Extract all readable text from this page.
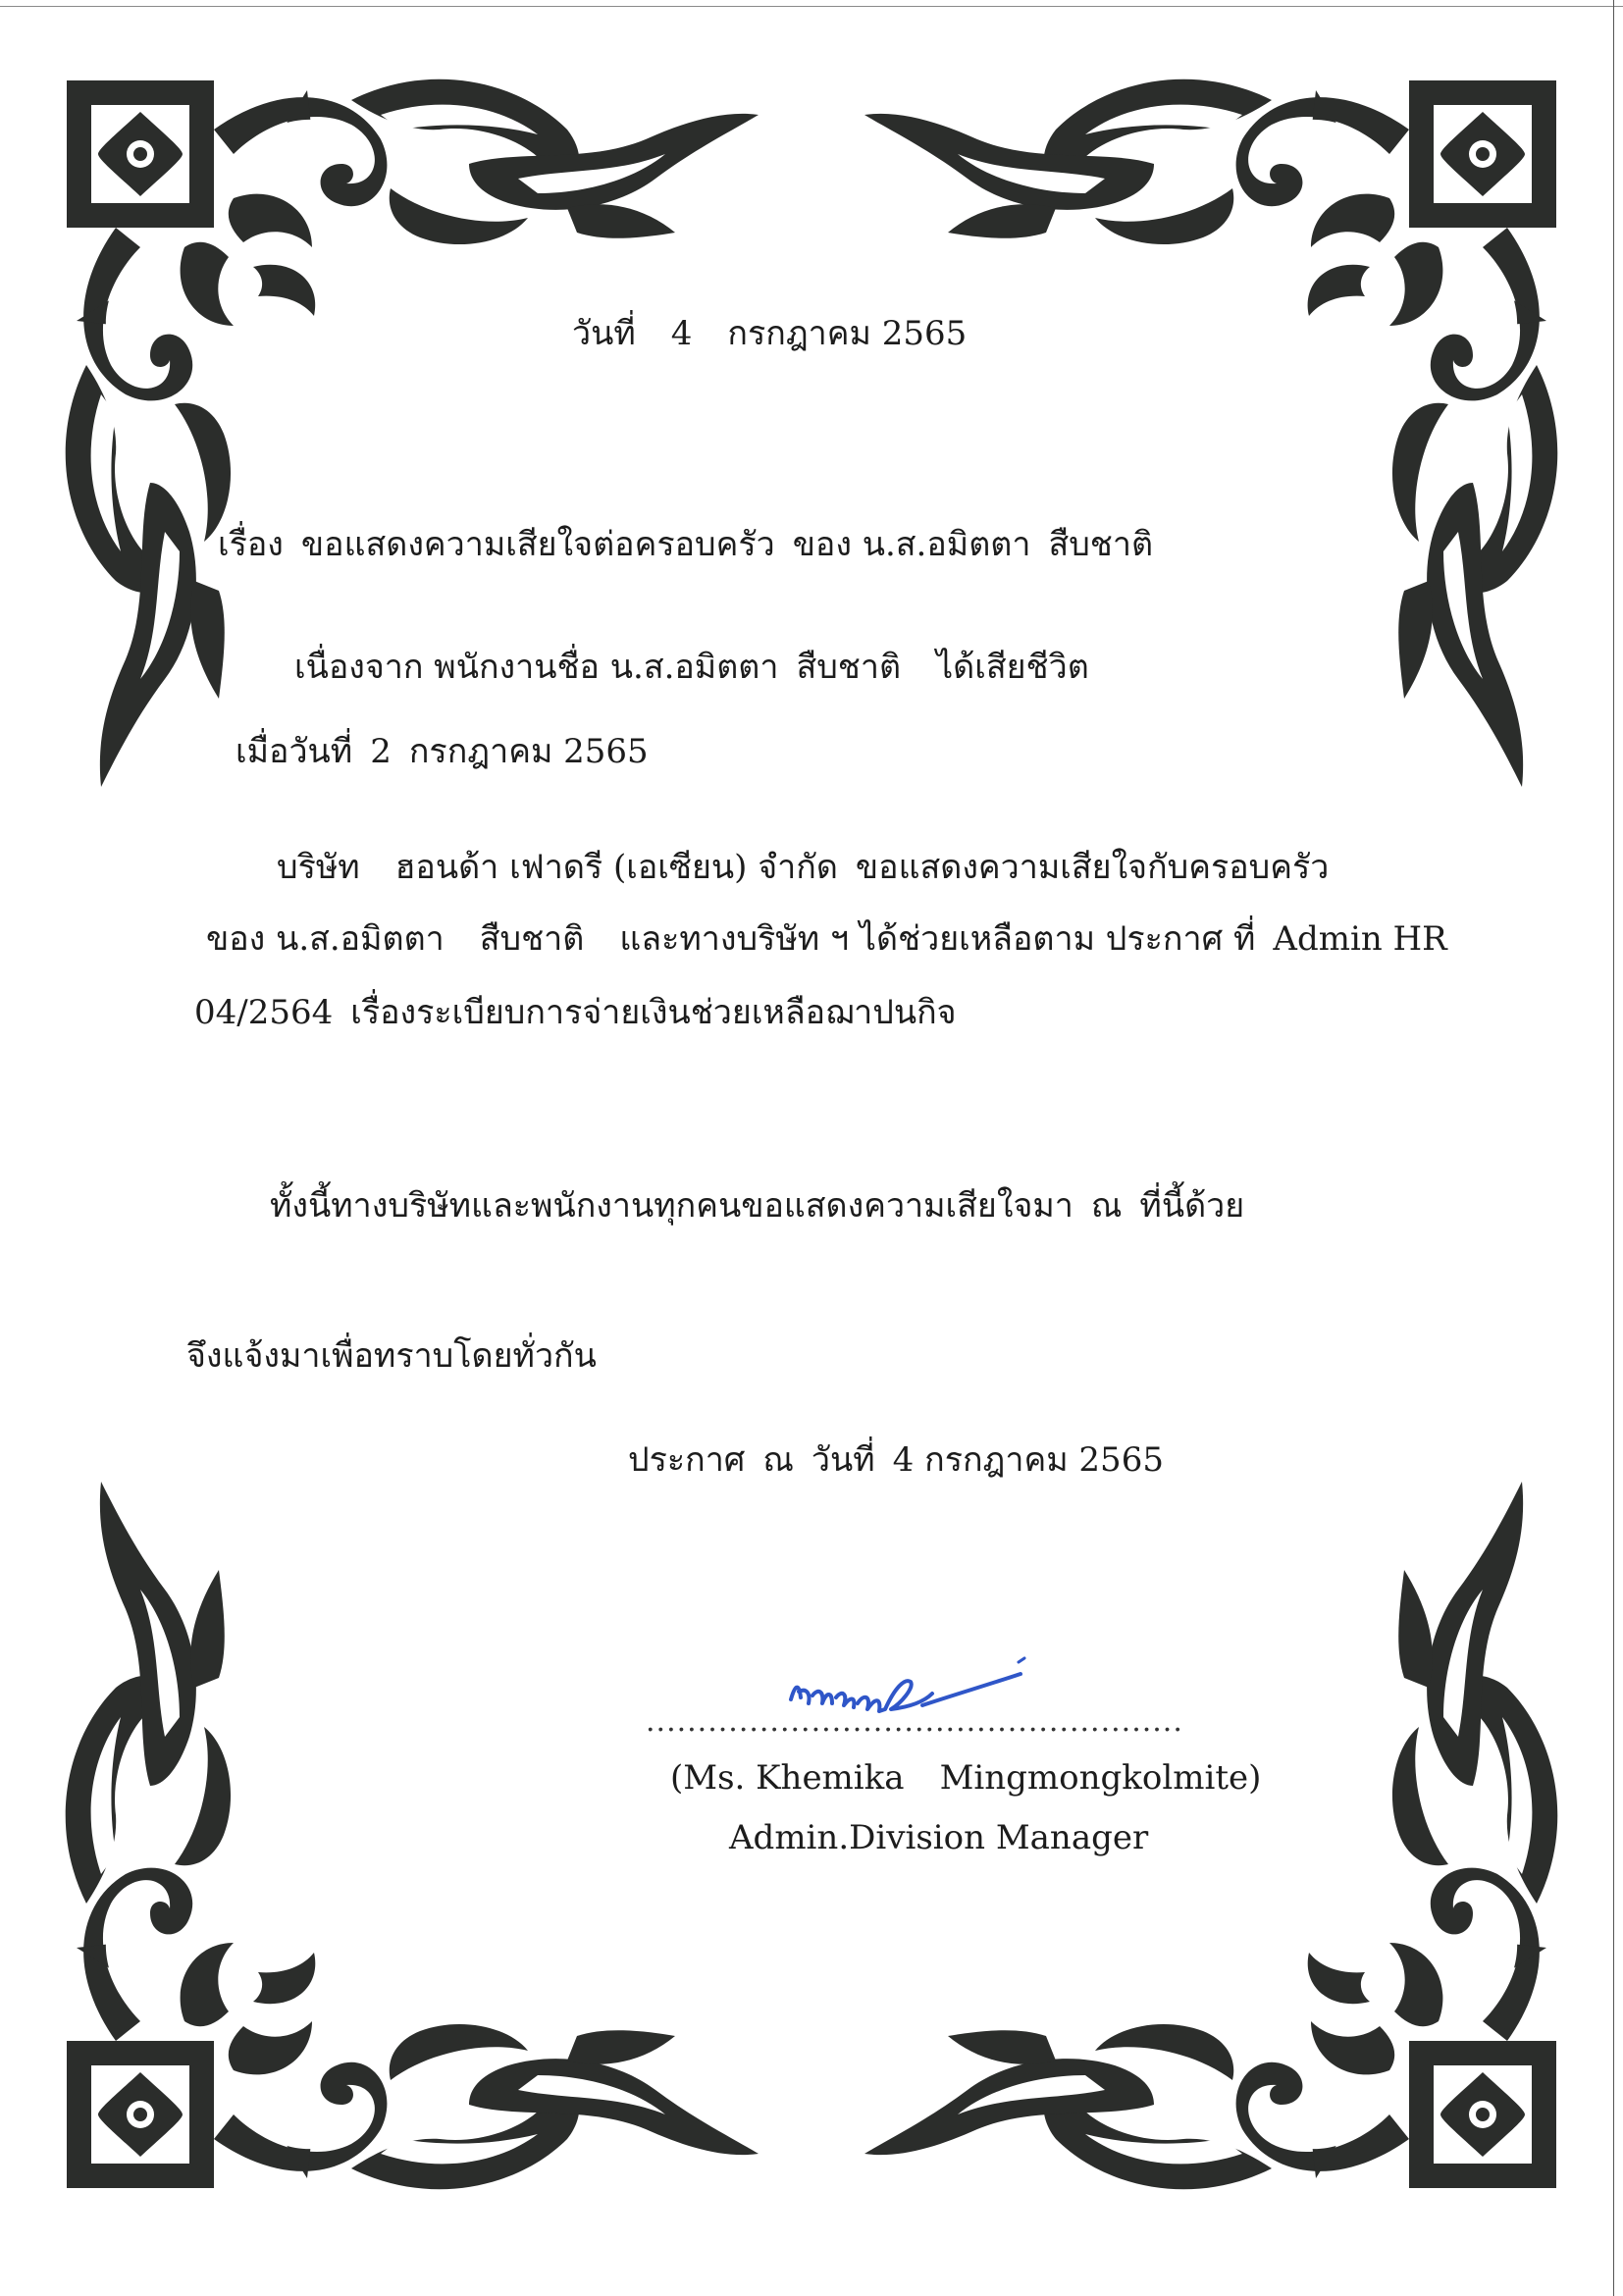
วันที่ 4 กรกฎาคม 2565
เรื่อง ขอแสดงความเสียใจต่อครอบครัว ของ น.ส.อมิตตา สืบชาติ
เนื่องจาก พนักงานชื่อ น.ส.อมิตตา สืบชาติ ได้เสียชีวิต
เมื่อวันที่ 2 กรกฎาคม 2565
บริษัท ฮอนด้า เฟาดรี (เอเซียน) จำกัด ขอแสดงความเสียใจกับครอบครัว
ของ น.ส.อมิตตา สืบชาติ และทางบริษัท ฯ ได้ช่วยเหลือตาม ประกาศ ที่ Admin HR
04/2564 เรื่องระเบียบการจ่ายเงินช่วยเหลือฌาปนกิจ
ทั้งนี้ทางบริษัทและพนักงานทุกคนขอแสดงความเสียใจมา ณ ที่นี้ด้วย
จึงแจ้งมาเพื่อทราบโดยทั่วกัน
ประกาศ ณ วันที่ 4 กรกฎาคม 2565
....................................................
(Ms. Khemika Mingmongkolmite)
Admin.Division Manager
